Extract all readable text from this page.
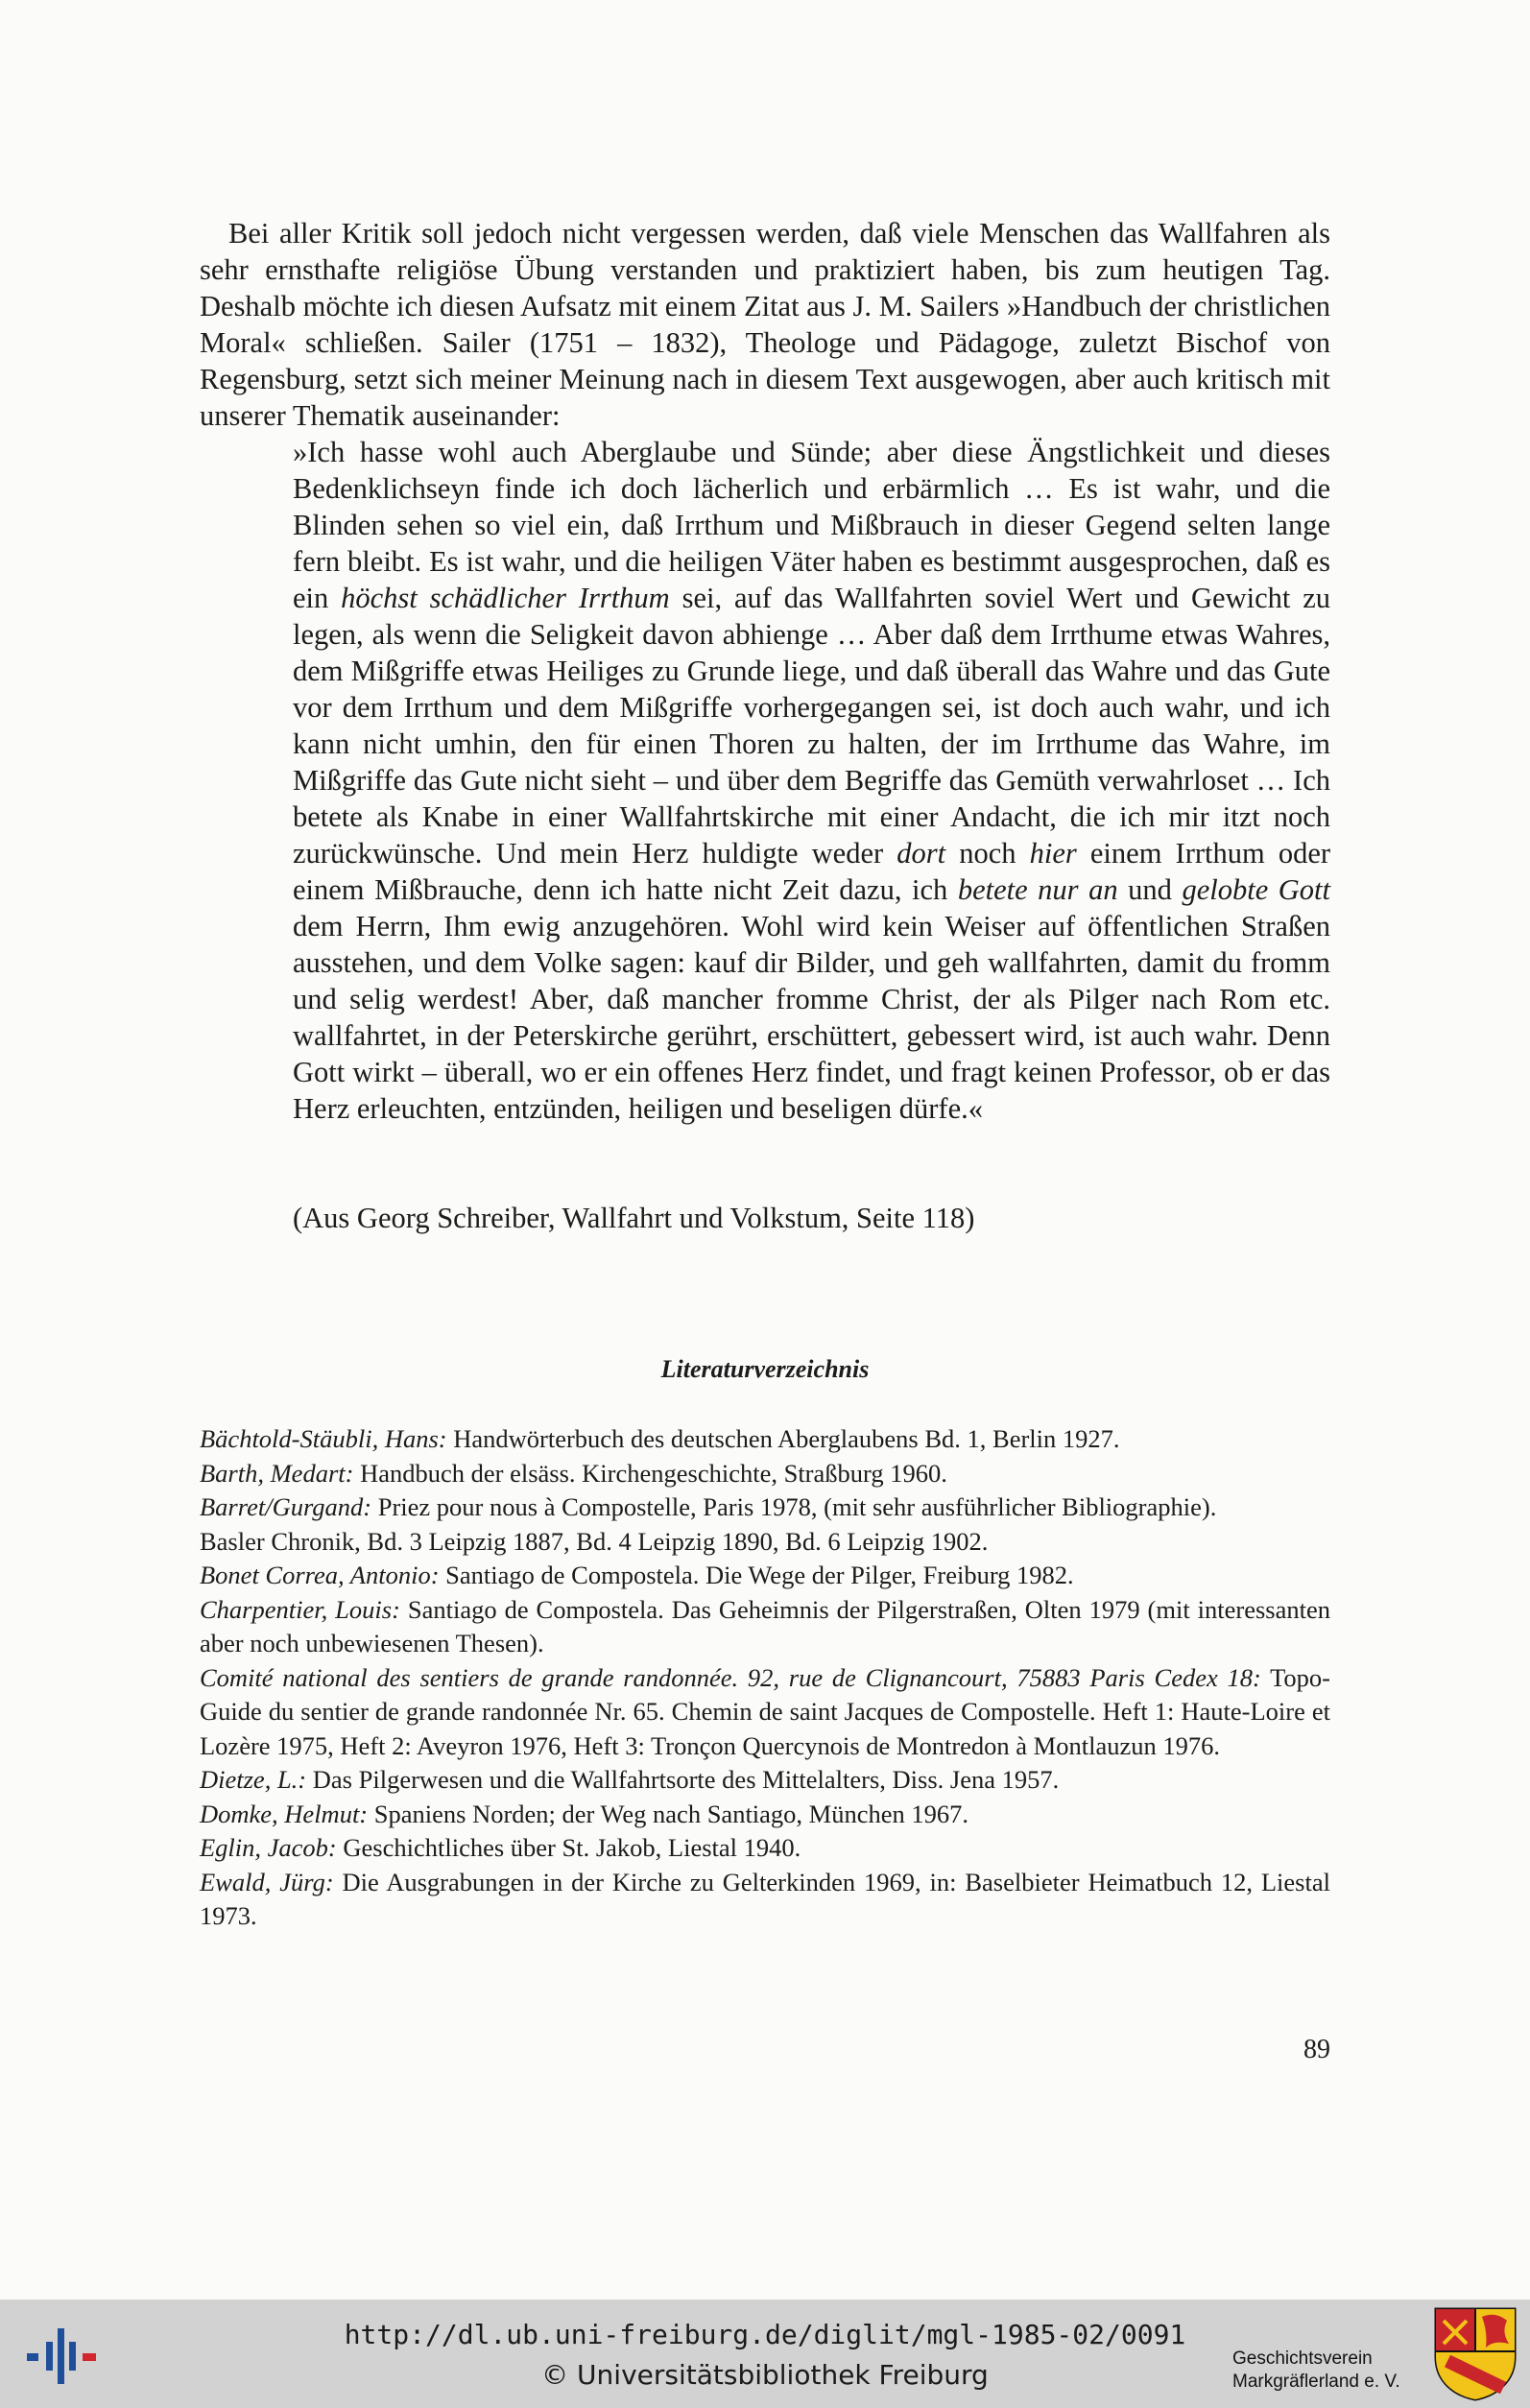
Bei aller Kritik soll jedoch nicht vergessen werden, daß viele Menschen das Wallfahren als sehr ernsthafte religiöse Übung verstanden und praktiziert haben, bis zum heutigen Tag. Deshalb möchte ich diesen Aufsatz mit einem Zitat aus J. M. Sailers »Handbuch der christlichen Moral« schließen. Sailer (1751 – 1832), Theologe und Pädagoge, zuletzt Bischof von Regensburg, setzt sich meiner Meinung nach in diesem Text ausgewogen, aber auch kritisch mit unserer Thematik auseinander:

»Ich hasse wohl auch Aberglaube und Sünde; aber diese Ängstlichkeit und dieses Bedenklichseyn finde ich doch lächerlich und erbärmlich … Es ist wahr, und die Blinden sehen so viel ein, daß Irrthum und Mißbrauch in dieser Gegend selten lange fern bleibt. Es ist wahr, und die heiligen Väter haben es bestimmt ausgesprochen, daß es ein höchst schädlicher Irrthum sei, auf das Wallfahrten soviel Wert und Gewicht zu legen, als wenn die Seligkeit davon abhienge … Aber daß dem Irrthume etwas Wahres, dem Mißgriffe etwas Heiliges zu Grunde liege, und daß überall das Wahre und das Gute vor dem Irrthum und dem Mißgriffe vorhergegangen sei, ist doch auch wahr, und ich kann nicht umhin, den für einen Thoren zu halten, der im Irrthume das Wahre, im Mißgriffe das Gute nicht sieht – und über dem Begriffe das Gemüth verwahrloset … Ich betete als Knabe in einer Wallfahrtskirche mit einer Andacht, die ich mir itzt noch zurückwünsche. Und mein Herz huldigte weder dort noch hier einem Irrthum oder einem Mißbrauche, denn ich hatte nicht Zeit dazu, ich betete nur an und gelobte Gott dem Herrn, Ihm ewig anzugehören. Wohl wird kein Weiser auf öffentlichen Straßen ausstehen, und dem Volke sagen: kauf dir Bilder, und geh wallfahrten, damit du fromm und selig werdest! Aber, daß mancher fromme Christ, der als Pilger nach Rom etc. wallfahrtet, in der Peterskirche gerührt, erschüttert, gebessert wird, ist auch wahr. Denn Gott wirkt – überall, wo er ein offenes Herz findet, und fragt keinen Professor, ob er das Herz erleuchten, entzünden, heiligen und beseligen dürfe.«

(Aus Georg Schreiber, Wallfahrt und Volkstum, Seite 118)

Literaturverzeichnis
Bächtold-Stäubli, Hans: Handwörterbuch des deutschen Aberglaubens Bd. 1, Berlin 1927.
Barth, Medart: Handbuch der elsäss. Kirchengeschichte, Straßburg 1960.
Barret/Gurgand: Priez pour nous à Compostelle, Paris 1978, (mit sehr ausführlicher Bibliographie).
Basler Chronik, Bd. 3 Leipzig 1887, Bd. 4 Leipzig 1890, Bd. 6 Leipzig 1902.
Bonet Correa, Antonio: Santiago de Compostela. Die Wege der Pilger, Freiburg 1982.
Charpentier, Louis: Santiago de Compostela. Das Geheimnis der Pilgerstraßen, Olten 1979 (mit interessanten aber noch unbewiesenen Thesen).
Comité national des sentiers de grande randonnée. 92, rue de Clignancourt, 75883 Paris Cedex 18: Topo-Guide du sentier de grande randonnée Nr. 65. Chemin de saint Jacques de Compostelle. Heft 1: Haute-Loire et Lozère 1975, Heft 2: Aveyron 1976, Heft 3: Tronçon Quercynois de Montredon à Montlauzun 1976.
Dietze, L.: Das Pilgerwesen und die Wallfahrtsorte des Mittelalters, Diss. Jena 1957.
Domke, Helmut: Spaniens Norden; der Weg nach Santiago, München 1967.
Eglin, Jacob: Geschichtliches über St. Jakob, Liestal 1940.
Ewald, Jürg: Die Ausgrabungen in der Kirche zu Gelterkinden 1969, in: Baselbieter Heimatbuch 12, Liestal 1973.
89
http://dl.ub.uni-freiburg.de/diglit/mgl-1985-02/0091
© Universitätsbibliothek Freiburg
Geschichtsverein
Markgräflerland e. V.
